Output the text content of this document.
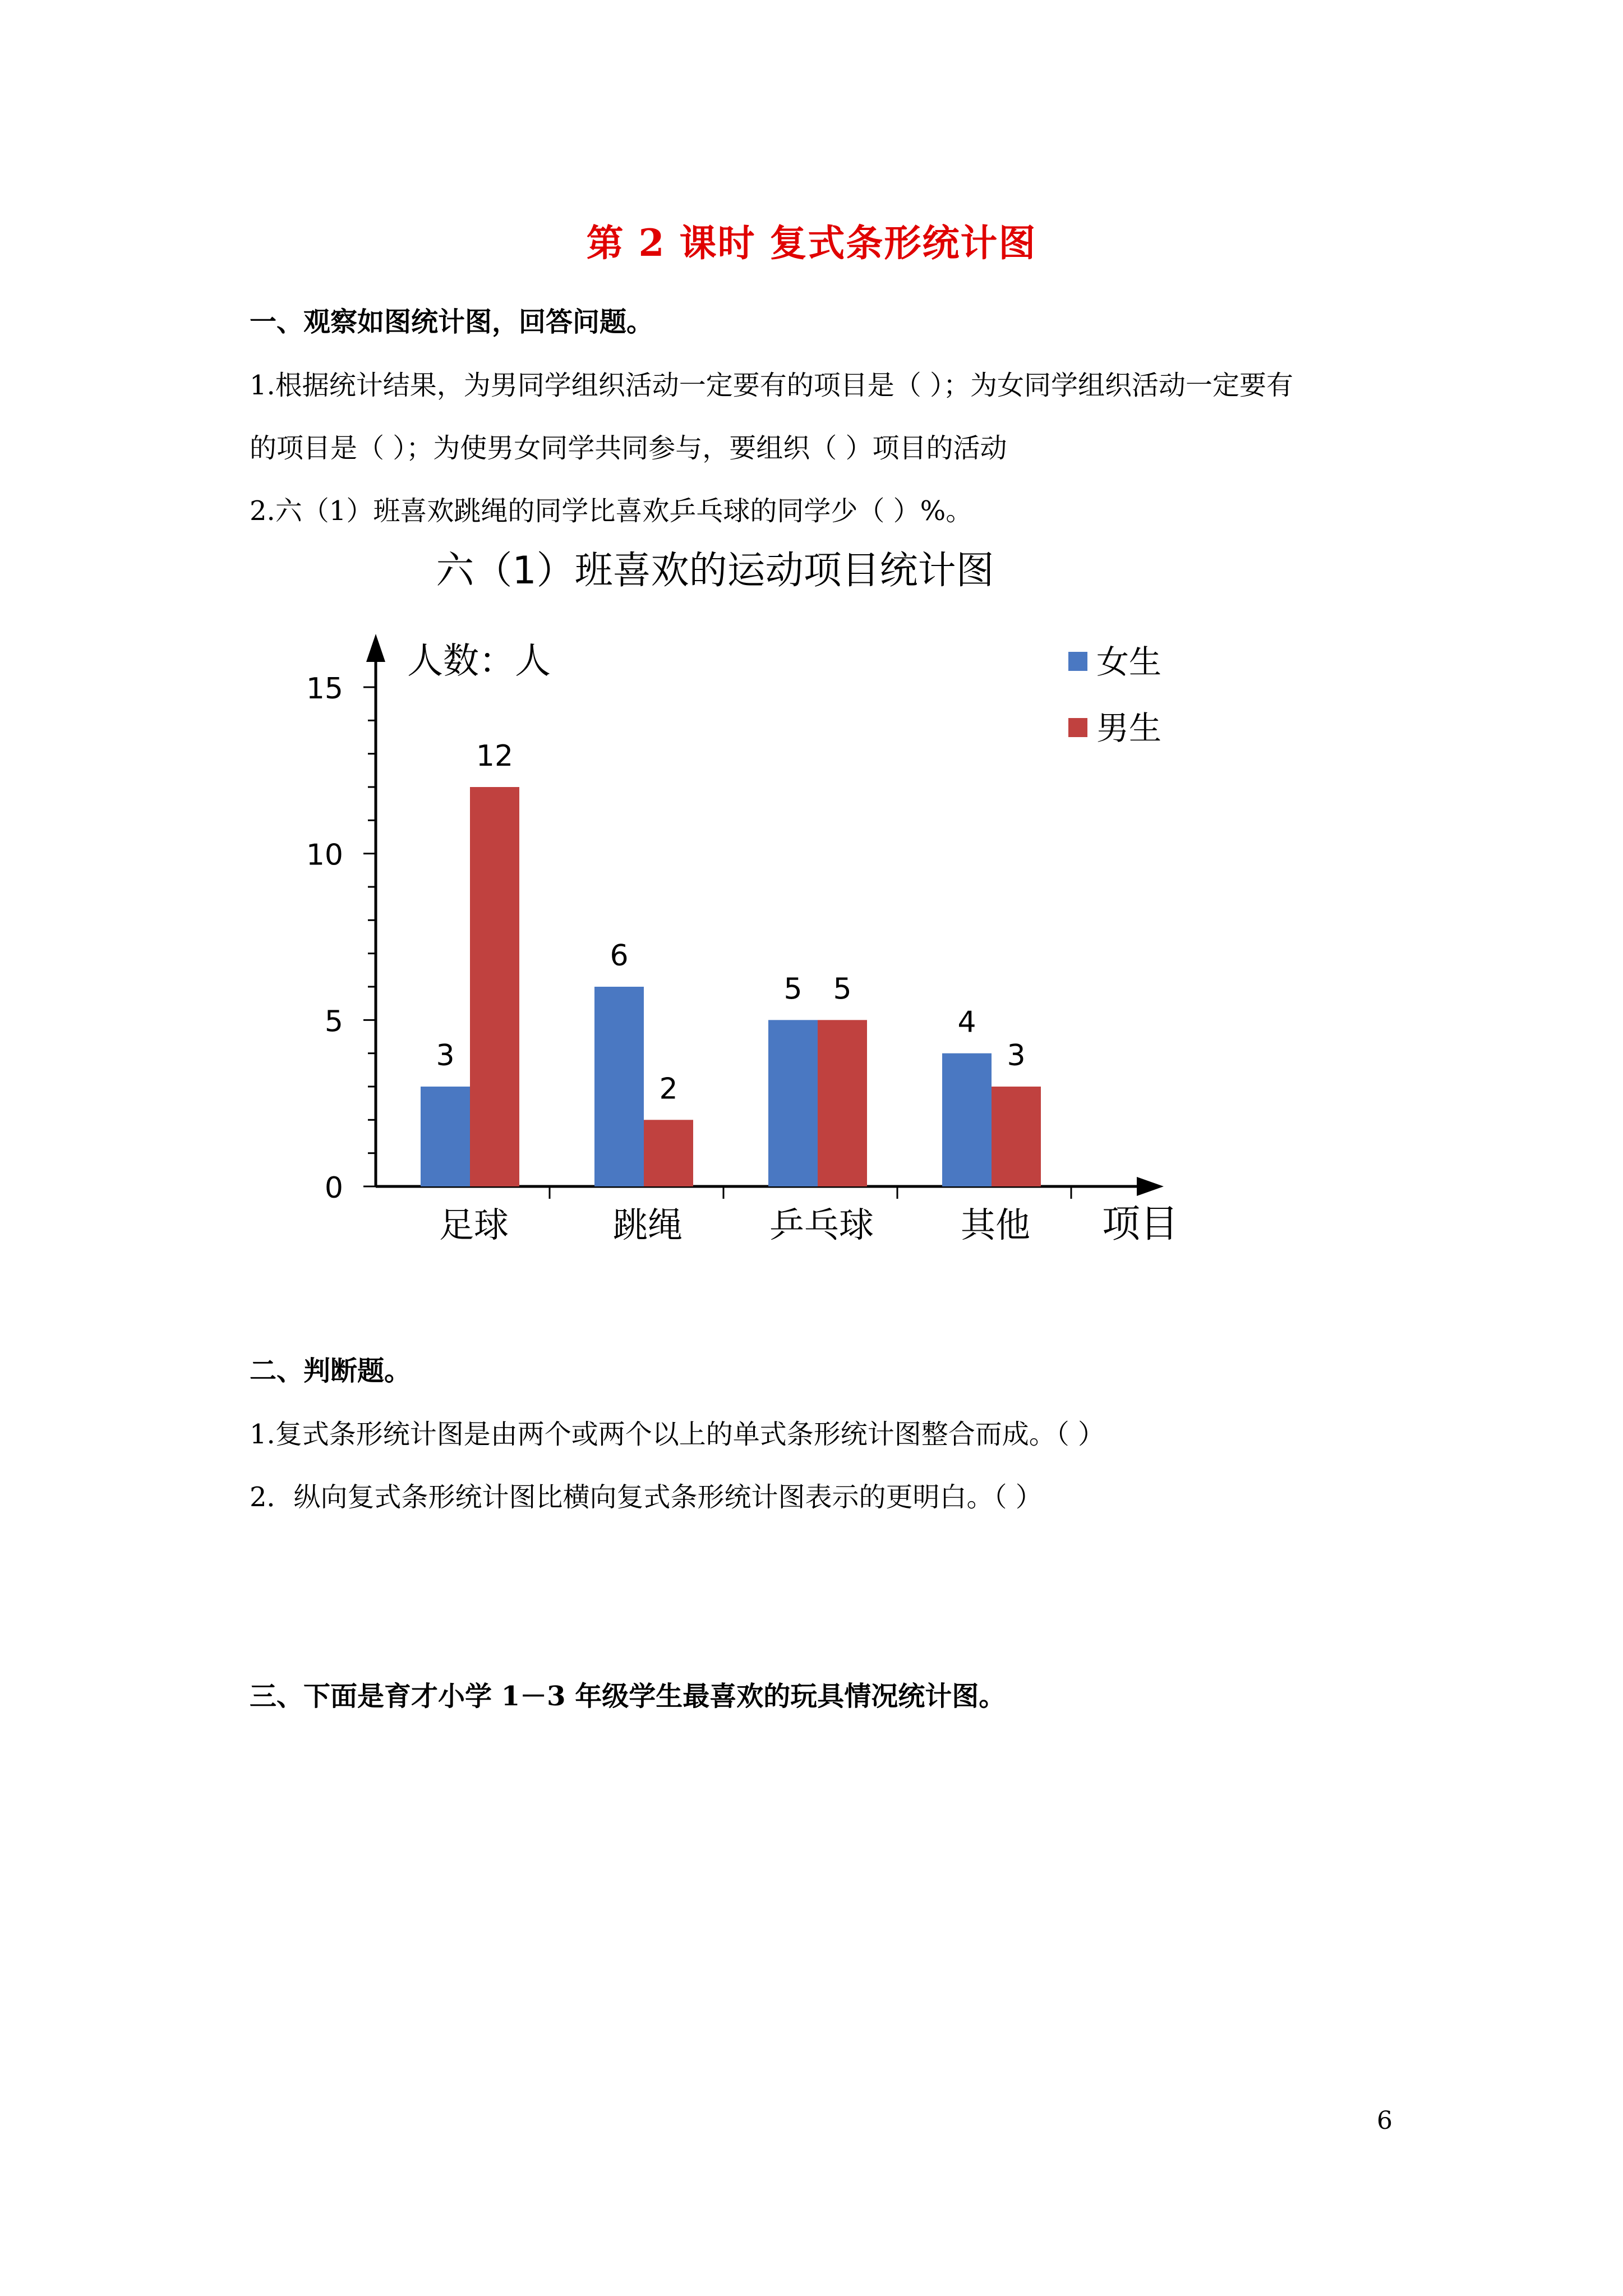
第 2 课时 复式条形统计图
一、观察如图统计图，回答问题。
1.根据统计结果，为男同学组织活动一定要有的项目是（ ）；为女同学组织活动一定要有
的项目是（ ）；为使男女同学共同参与，要组织（ ）项目的活动
2.六（1）班喜欢跳绳的同学比喜欢乒乓球的同学少（ ）%。
六（1）班喜欢的运动项目统计图
人数：人
项目
女生
男生
0
5
10
15
足球	跳绳 乒乓球 其他
3
6
5
4
12
2
5
3
二、判断题。
1.复式条形统计图是由两个或两个以上的单式条形统计图整合而成。（ ）
2．纵向复式条形统计图比横向复式条形统计图表示的更明白。（ ）
三、下面是育才小学 1－3 年级学生最喜欢的玩具情况统计图。
6
